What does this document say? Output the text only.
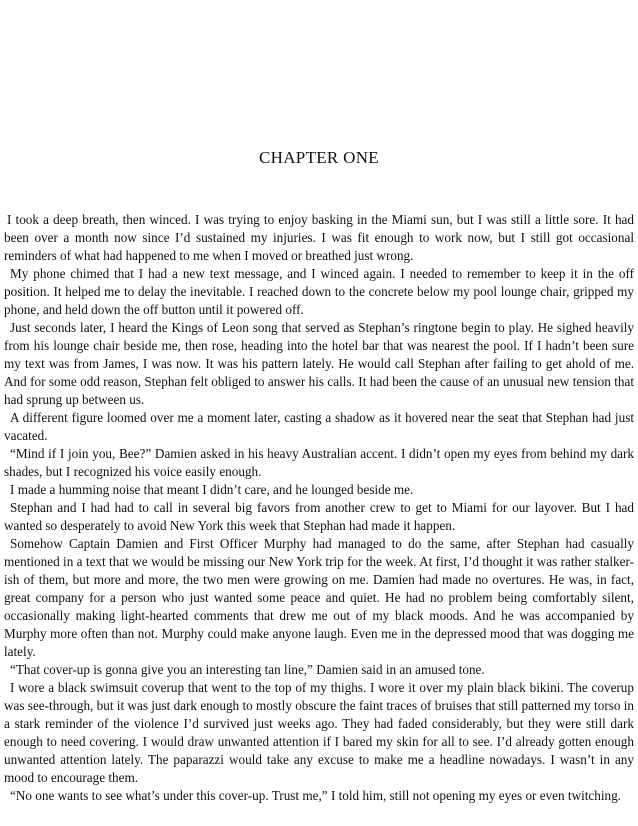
CHAPTER ONE

I took a deep breath, then winced. I was trying to enjoy basking in the Miami sun, but I was still a little sore. It had been over a month now since I’d sustained my injuries. I was fit enough to work now, but I still got occasional reminders of what had happened to me when I moved or breathed just wrong.

My phone chimed that I had a new text message, and I winced again. I needed to remember to keep it in the off position. It helped me to delay the inevitable. I reached down to the concrete below my pool lounge chair, gripped my phone, and held down the off button until it powered off.

Just seconds later, I heard the Kings of Leon song that served as Stephan’s ringtone begin to play. He sighed heavily from his lounge chair beside me, then rose, heading into the hotel bar that was nearest the pool. If I hadn’t been sure my text was from James, I was now. It was his pattern lately. He would call Stephan after failing to get ahold of me. And for some odd reason, Stephan felt obliged to answer his calls. It had been the cause of an unusual new tension that had sprung up between us.

A different figure loomed over me a moment later, casting a shadow as it hovered near the seat that Stephan had just vacated.

“Mind if I join you, Bee?” Damien asked in his heavy Australian accent. I didn’t open my eyes from behind my dark shades, but I recognized his voice easily enough.

I made a humming noise that meant I didn’t care, and he lounged beside me.

Stephan and I had had to call in several big favors from another crew to get to Miami for our layover. But I had wanted so desperately to avoid New York this week that Stephan had made it happen.

Somehow Captain Damien and First Officer Murphy had managed to do the same, after Stephan had casually mentioned in a text that we would be missing our New York trip for the week. At first, I’d thought it was rather stalker-ish of them, but more and more, the two men were growing on me. Damien had made no overtures. He was, in fact, great company for a person who just wanted some peace and quiet. He had no problem being comfortably silent, occasionally making light-hearted comments that drew me out of my black moods. And he was accompanied by Murphy more often than not. Murphy could make anyone laugh. Even me in the depressed mood that was dogging me lately.

“That cover-up is gonna give you an interesting tan line,” Damien said in an amused tone.

I wore a black swimsuit coverup that went to the top of my thighs. I wore it over my plain black bikini. The coverup was see-through, but it was just dark enough to mostly obscure the faint traces of bruises that still patterned my torso in a stark reminder of the violence I’d survived just weeks ago. They had faded considerably, but they were still dark enough to need covering. I would draw unwanted attention if I bared my skin for all to see. I’d already gotten enough unwanted attention lately. The paparazzi would take any excuse to make me a headline nowadays. I wasn’t in any mood to encourage them.

“No one wants to see what’s under this cover-up. Trust me,” I told him, still not opening my eyes or even twitching.
